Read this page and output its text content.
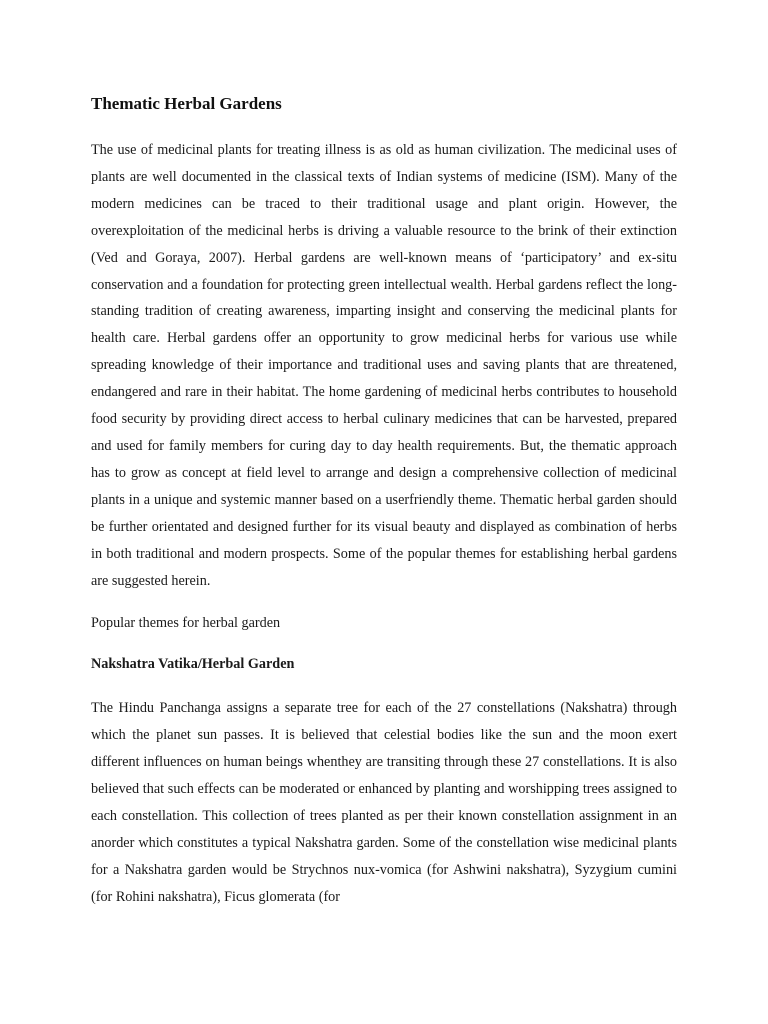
Thematic Herbal Gardens

The use of medicinal plants for treating illness is as old as human civilization. The medicinal uses of plants are well documented in the classical texts of Indian systems of medicine (ISM). Many of the modern medicines can be traced to their traditional usage and plant origin. However, the overexploitation of the medicinal herbs is driving a valuable resource to the brink of their extinction (Ved and Goraya, 2007). Herbal gardens are well-known means of ‘participatory’ and ex-situ conservation and a foundation for protecting green intellectual wealth. Herbal gardens reflect the long-standing tradition of creating awareness, imparting insight and conserving the medicinal plants for health care. Herbal gardens offer an opportunity to grow medicinal herbs for various use while spreading knowledge of their importance and traditional uses and saving plants that are threatened, endangered and rare in their habitat. The home gardening of medicinal herbs contributes to household food security by providing direct access to herbal culinary medicines that can be harvested, prepared and used for family members for curing day to day health requirements. But, the thematic approach has to grow as concept at field level to arrange and design a comprehensive collection of medicinal plants in a unique and systemic manner based on a userfriendly theme. Thematic herbal garden should be further orientated and designed further for its visual beauty and displayed as combination of herbs in both traditional and modern prospects. Some of the popular themes for establishing herbal gardens are suggested herein.

Popular themes for herbal garden
Nakshatra Vatika/Herbal Garden

The Hindu Panchanga assigns a separate tree for each of the 27 constellations (Nakshatra) through which the planet sun passes. It is believed that celestial bodies like the sun and the moon exert different influences on human beings whenthey are transiting through these 27 constellations. It is also believed that such effects can be moderated or enhanced by planting and worshipping trees assigned to each constellation. This collection of trees planted as per their known constellation assignment in an anorder which constitutes a typical Nakshatra garden. Some of the constellation wise medicinal plants for a Nakshatra garden would be Strychnos nux-vomica (for Ashwini nakshatra), Syzygium cumini (for Rohini nakshatra), Ficus glomerata (for
